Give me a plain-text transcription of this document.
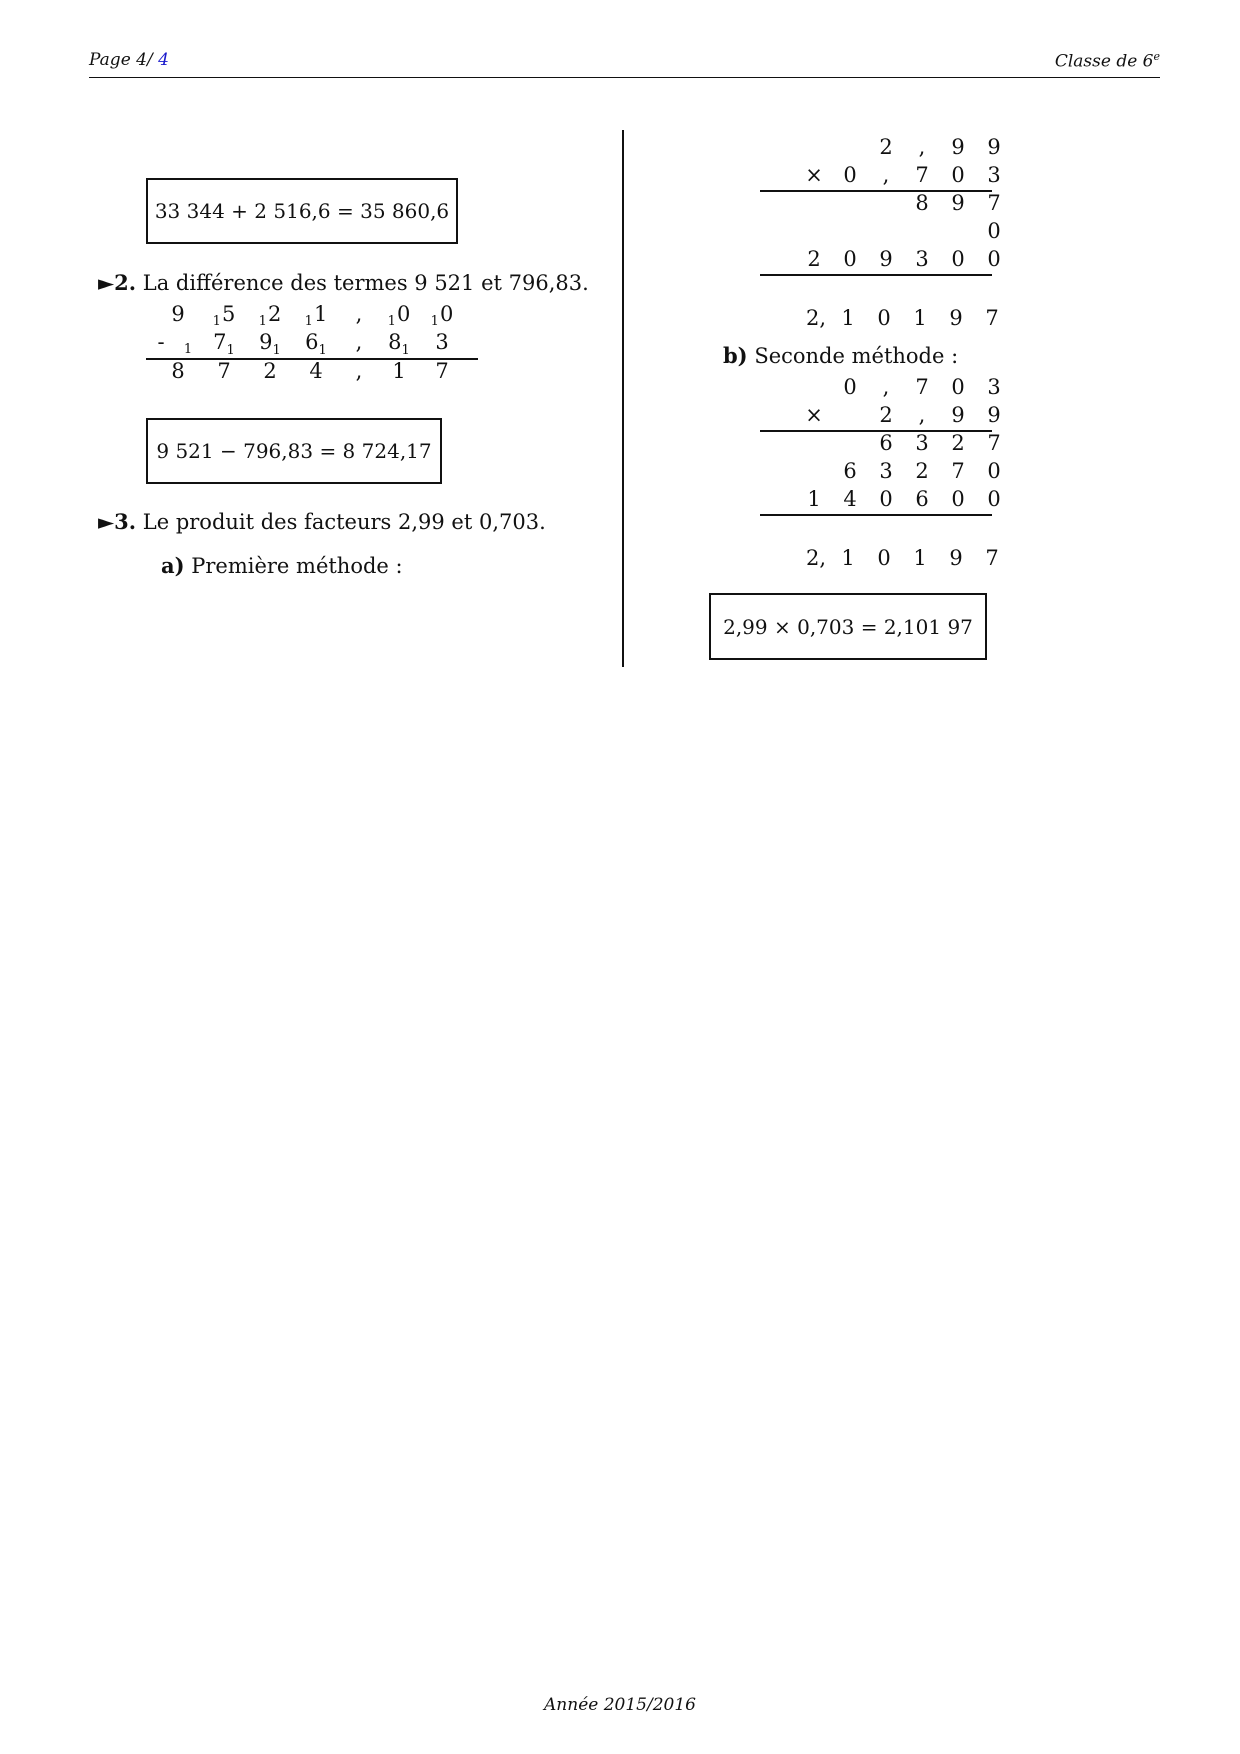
Page 4/ 4	Classe de 6e
33 344 + 2 516,6 = 35 860,6
►2. La différence des termes 9 521 et 796,83.
9	15	12	11	,	10	10
-	1	$7_1$	$9_1$	$6_1$	,	$8_1$	3
8	7	2	4	,	1	7
9 521 − 796,83 = 8 724,17
►3. Le produit des facteurs 2,99 et 0,703.
a) Première méthode :
2	,	9	9
× 0	,	7	0	3
8	9	7
0
2	0	9	3	0	0
2, 1	0	1	9	7
b) Seconde méthode :
0	,	7	0	3
×	2	,	9	9
6	3	2	7
6	3	2	7	0
1	4	0	6	0	0
2, 1	0	1	9	7
2,99 × 0,703 = 2,101 97
Année 2015/2016
